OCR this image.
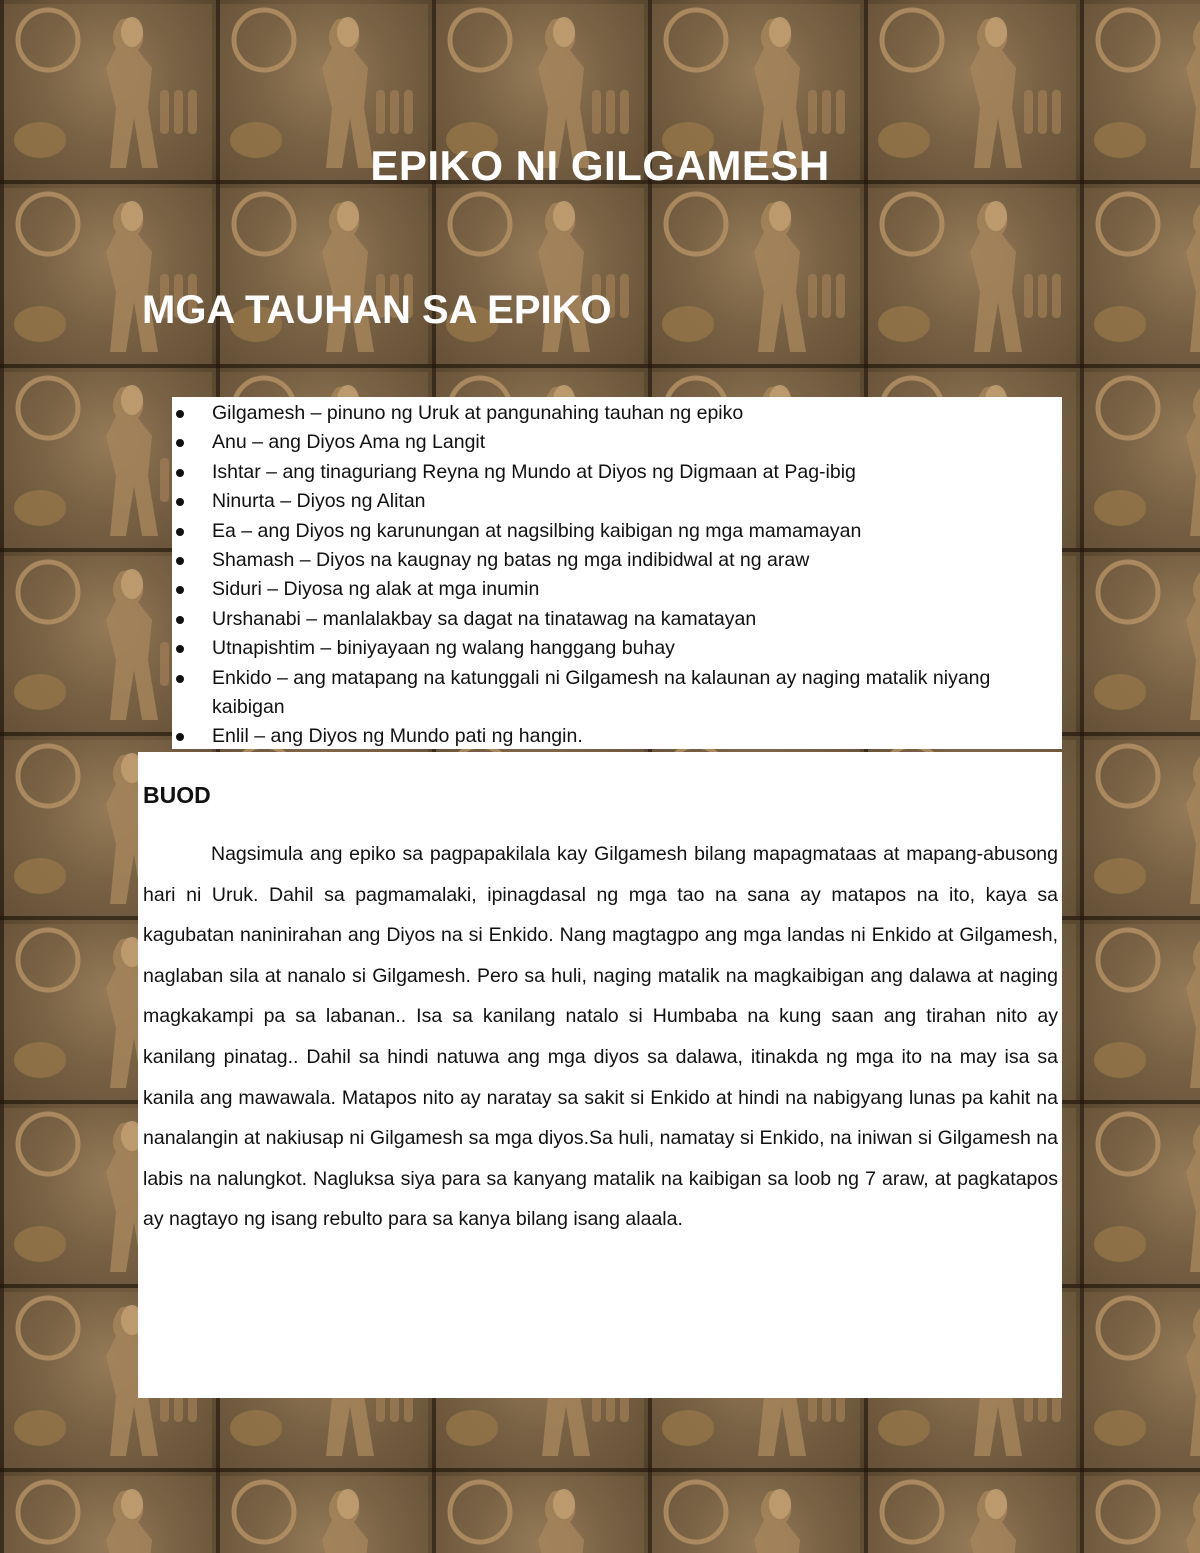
EPIKO NI GILGAMESH
MGA TAUHAN SA EPIKO
Gilgamesh – pinuno ng Uruk at pangunahing tauhan ng epiko
Anu – ang Diyos Ama ng Langit
Ishtar – ang tinaguriang Reyna ng Mundo at Diyos ng Digmaan at Pag-ibig
Ninurta – Diyos ng Alitan
Ea – ang Diyos ng karunungan at nagsilbing kaibigan ng mga mamamayan
Shamash – Diyos na kaugnay ng batas ng mga indibidwal at ng araw
Siduri – Diyosa ng alak at mga inumin
Urshanabi – manlalakbay sa dagat na tinatawag na kamatayan
Utnapishtim – biniyayaan ng walang hanggang buhay
Enkido – ang matapang na katunggali ni Gilgamesh na kalaunan ay naging matalik niyang kaibigan
Enlil – ang Diyos ng Mundo pati ng hangin.
BUOD

Nagsimula ang epiko sa pagpapakilala kay Gilgamesh bilang mapagmataas at mapang-abusong hari ni Uruk. Dahil sa pagmamalaki, ipinagdasal ng mga tao na sana ay matapos na ito, kaya sa kagubatan naninirahan ang Diyos na si Enkido. Nang magtagpo ang mga landas ni Enkido at Gilgamesh, naglaban sila at nanalo si Gilgamesh. Pero sa huli, naging matalik na magkaibigan ang dalawa at naging magkakampi pa sa labanan.. Isa sa kanilang natalo si Humbaba na kung saan ang tirahan nito ay kanilang pinatag.. Dahil sa hindi natuwa ang mga diyos sa dalawa, itinakda ng mga ito na may isa sa kanila ang mawawala. Matapos nito ay naratay sa sakit si Enkido at hindi na nabigyang lunas pa kahit na nanalangin at nakiusap ni Gilgamesh sa mga diyos.Sa huli, namatay si Enkido, na iniwan si Gilgamesh na labis na nalungkot. Nagluksa siya para sa kanyang matalik na kaibigan sa loob ng 7 araw, at pagkatapos ay nagtayo ng isang rebulto para sa kanya bilang isang alaala.
